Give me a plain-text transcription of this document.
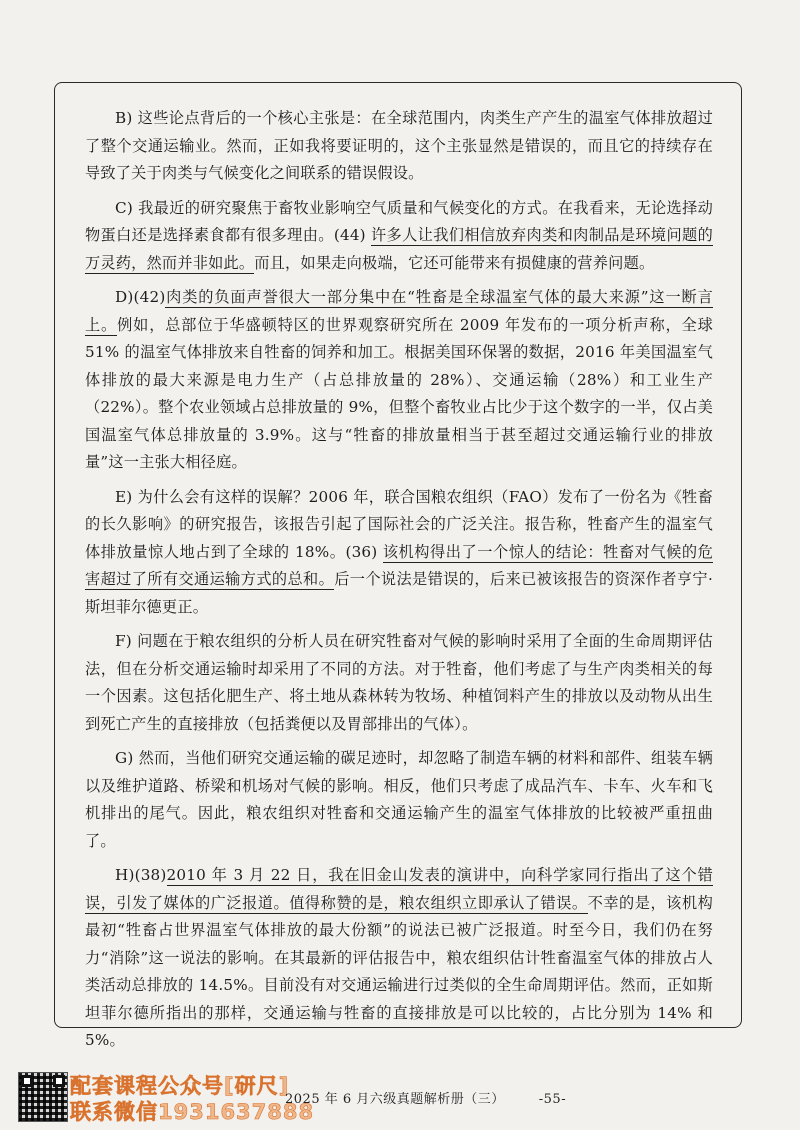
B) 这些论点背后的一个核心主张是：在全球范围内，肉类生产产生的温室气体排放超过了整个交通运输业。然而，正如我将要证明的，这个主张显然是错误的，而且它的持续存在导致了关于肉类与气候变化之间联系的错误假设。

C) 我最近的研究聚焦于畜牧业影响空气质量和气候变化的方式。在我看来，无论选择动物蛋白还是选择素食都有很多理由。(44) 许多人让我们相信放弃肉类和肉制品是环境问题的万灵药，然而并非如此。而且，如果走向极端，它还可能带来有损健康的营养问题。

D)(42)肉类的负面声誉很大一部分集中在“牲畜是全球温室气体的最大来源”这一断言上。例如，总部位于华盛顿特区的世界观察研究所在 2009 年发布的一项分析声称，全球 51% 的温室气体排放来自牲畜的饲养和加工。根据美国环保署的数据，2016 年美国温室气体排放的最大来源是电力生产（占总排放量的 28%）、交通运输（28%）和工业生产（22%）。整个农业领域占总排放量的 9%，但整个畜牧业占比少于这个数字的一半，仅占美国温室气体总排放量的 3.9%。这与“牲畜的排放量相当于甚至超过交通运输行业的排放量”这一主张大相径庭。

E) 为什么会有这样的误解？2006 年，联合国粮农组织（FAO）发布了一份名为《牲畜的长久影响》的研究报告，该报告引起了国际社会的广泛关注。报告称，牲畜产生的温室气体排放量惊人地占到了全球的 18%。(36) 该机构得出了一个惊人的结论：牲畜对气候的危害超过了所有交通运输方式的总和。后一个说法是错误的，后来已被该报告的资深作者亨宁·斯坦菲尔德更正。

F) 问题在于粮农组织的分析人员在研究牲畜对气候的影响时采用了全面的生命周期评估法，但在分析交通运输时却采用了不同的方法。对于牲畜，他们考虑了与生产肉类相关的每一个因素。这包括化肥生产、将土地从森林转为牧场、种植饲料产生的排放以及动物从出生到死亡产生的直接排放（包括粪便以及胃部排出的气体）。

G) 然而，当他们研究交通运输的碳足迹时，却忽略了制造车辆的材料和部件、组装车辆以及维护道路、桥梁和机场对气候的影响。相反，他们只考虑了成品汽车、卡车、火车和飞机排出的尾气。因此，粮农组织对牲畜和交通运输产生的温室气体排放的比较被严重扭曲了。

H)(38)2010 年 3 月 22 日，我在旧金山发表的演讲中，向科学家同行指出了这个错误，引发了媒体的广泛报道。值得称赞的是，粮农组织立即承认了错误。不幸的是，该机构最初“牲畜占世界温室气体排放的最大份额”的说法已被广泛报道。时至今日，我们仍在努力“消除”这一说法的影响。在其最新的评估报告中，粮农组织估计牲畜温室气体的排放占人类活动总排放的 14.5%。目前没有对交通运输进行过类似的全生命周期评估。然而，正如斯坦菲尔德所指出的那样，交通运输与牲畜的直接排放是可以比较的，占比分别为 14% 和 5%。

配套课程公众号[研尺]
联系微信1931637888
2025 年 6 月六级真题解析册（三）	-55-
